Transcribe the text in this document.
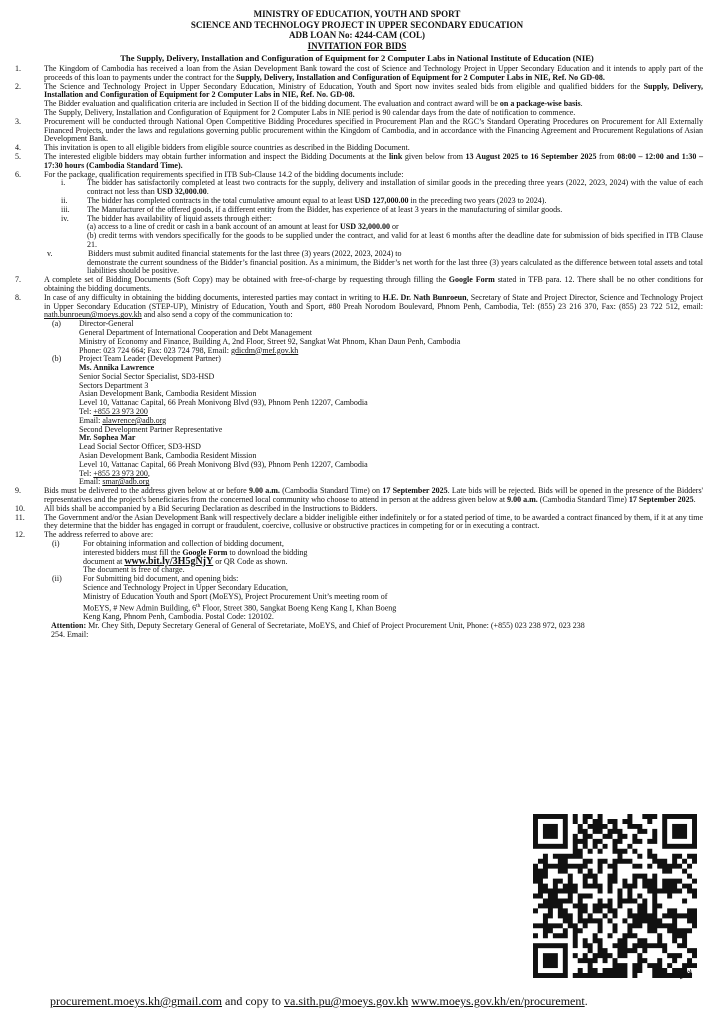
MINISTRY OF EDUCATION, YOUTH AND SPORT
SCIENCE AND TECHNOLOGY PROJECT IN UPPER SECONDARY EDUCATION
ADB LOAN No: 4244-CAM (COL)
INVITATION FOR BIDS
The Supply, Delivery, Installation and Configuration of Equipment for 2 Computer Labs in National Institute of Education (NIE)
1.	The Kingdom of Cambodia has received a loan from the Asian Development Bank toward the cost of Science and Technology Project in Upper Secondary Education and it intends to apply part of the proceeds of this loan to payments under the contract for the Supply, Delivery, Installation and Configuration of Equipment for 2 Computer Labs in NIE, Ref. No GD-08.
2.	The Science and Technology Project in Upper Secondary Education, Ministry of Education, Youth and Sport now invites sealed bids from eligible and qualified bidders for the Supply, Delivery, Installation and Configuration of Equipment for 2 Computer Labs in NIE, Ref. No. GD-08.
The Bidder evaluation and qualification criteria are included in Section II of the bidding document. The evaluation and contract award will be on a package-wise basis.
The Supply, Delivery, Installation and Configuration of Equipment for 2 Computer Labs in NIE period is 90 calendar days from the date of notification to commence.
3.	Procurement will be conducted through National Open Competitive Bidding Procedures specified in Procurement Plan and the RGC’s Standard Operating Procedures on Procurement for All Externally Financed Projects, under the laws and regulations governing public procurement within the Kingdom of Cambodia, and in accordance with the Financing Agreement and Procurement Regulations of Asian Development Bank.
4.	This invitation is open to all eligible bidders from eligible source countries as described in the Bidding Document.
5.	The interested eligible bidders may obtain further information and inspect the Bidding Documents at the link given below from 13 August 2025 to 16 September 2025 from 08:00 – 12:00 and 1:30 – 17:30 hours (Cambodia Standard Time).
6.	For the package, qualification requirements specified in ITB Sub-Clause 14.2 of the bidding documents include:
i.	The bidder has satisfactorily completed at least two contracts for the supply, delivery and installation of similar goods in the preceding three years (2022, 2023, 2024) with the value of each contract not less than USD 32,000.00.
ii. The bidder has completed contracts in the total cumulative amount equal to at least USD 127,000.00 in the preceding two years (2023 to 2024).
iii. The Manufacturer of the offered goods, if a different entity from the Bidder, has experience of at least 3 years in the manufacturing of similar goods.
iv. The bidder has availability of liquid assets through either:
(a) access to a line of credit or cash in a bank account of an amount at least for USD 32,000.00 or
(b) credit terms with vendors specifically for the goods to be supplied under the contract, and valid for at least 6 months after the deadline date for submission of bids specified in ITB Clause 21.
v.	Bidders must submit audited financial statements for the last three (3) years (2022, 2023, 2024) to
demonstrate the current soundness of the Bidder’s financial position. As a minimum, the Bidder’s net worth for the last three (3) years calculated as the difference between total assets and total liabilities should be positive.
7.	A complete set of Bidding Documents (Soft Copy) may be obtained with free-of-charge by requesting through filling the Google Form stated in TFB para. 12. There shall be no other conditions for obtaining the bidding documents.
8.	In case of any difficulty in obtaining the bidding documents, interested parties may contact in writing to H.E. Dr. Nath Bunroeun, Secretary of State and Project Director, Science and Technology Project in Upper Secondary Education (STEP-UP), Ministry of Education, Youth and Sport, #80 Preah Norodom Boulevard, Phnom Penh, Cambodia, Tel: (855) 23 216 370, Fax: (855) 23 722 512, email: nath.bunroeun@moeys.gov.kh and also send a copy of the communication to:
(a) Director-General
General Department of International Cooperation and Debt Management
Ministry of Economy and Finance, Building A, 2nd Floor, Street 92, Sangkat Wat Phnom, Khan Daun Penh, Cambodia
Phone: 023 724 664; Fax: 023 724 798, Email: gdicdm@mef.gov.kh
(b) Project Team Leader (Development Partner)
Ms. Annika Lawrence
Senior Social Sector Specialist, SD3-HSD
Sectors Department 3
Asian Development Bank, Cambodia Resident Mission
Level 10, Vattanac Capital, 66 Preah Monivong Blvd (93), Phnom Penh 12207, Cambodia
Tel: +855 23 973 200
Email: alawrence@adb.org
Second Development Partner Representative
Mr. Sophea Mar
Lead Social Sector Officer, SD3-HSD
Asian Development Bank, Cambodia Resident Mission
Level 10, Vattanac Capital, 66 Preah Monivong Blvd (93), Phnom Penh 12207, Cambodia
Tel: +855 23 973 200,
Email: smar@adb.org
9.	Bids must be delivered to the address given below at or before 9.00 a.m. (Cambodia Standard Time) on 17 September 2025. Late bids will be rejected. Bids will be opened in the presence of the Bidders' representatives and the project's beneficiaries from the concerned local community who choose to attend in person at the address given below at 9.00 a.m. (Cambodia Standard Time) 17 September 2025.
10. All bids shall be accompanied by a Bid Securing Declaration as described in the Instructions to Bidders.
11. The Government and/or the Asian Development Bank will respectively declare a bidder ineligible either indefinitely or for a stated period of time, to be awarded a contract financed by them, if it at any time they determine that the bidder has engaged in corrupt or fraudulent, coercive, collusive or obstructive practices in competing for or in executing a contract.
12. The address referred to above are:
(i)	For obtaining information and collection of bidding document,
interested bidders must fill the Google Form to download the bidding
document at www.bit.ly/3H5gNjY or QR Code as shown.
The document is free of charge.
(ii)	For Submitting bid document, and opening bids:
Science and Technology Project in Upper Secondary Education,
Ministry of Education Youth and Sport (MoEYS), Project Procurement Unit’s meeting room of
MoEYS, # New Admin Building, 6th Floor, Street 380, Sangkat Boeng Keng Kang I, Khan Boeng
Keng Kang, Phnom Penh, Cambodia. Postal Code: 120102.
Attention: Mr. Chey Sith, Deputy Secretary General of General of Secretariate, MoEYS, and Chief of Project Procurement Unit, Phone: (+855) 023 238 972, 023 238 254. Email:
procurement.moeys.kh@gmail.com and copy to va.sith.pu@moeys.gov.kh www.moeys.gov.kh/en/procurement.
bitly
